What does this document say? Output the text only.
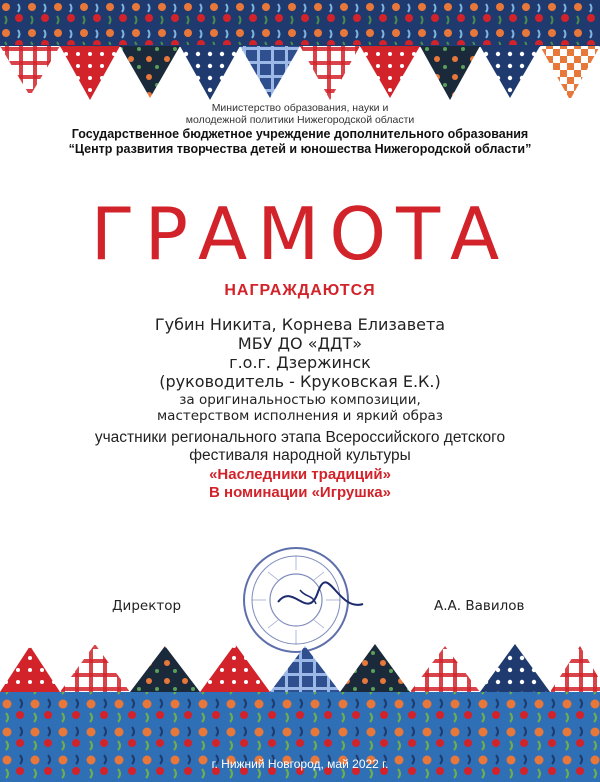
Министерство образования, науки и
молодежной политики Нижегородской области
Государственное бюджетное учреждение дополнительного образования
“Центр развития творчества детей и юношества Нижегородской области”
ГРАМОТА
НАГРАЖДАЮТСЯ
Губин Никита, Корнева Елизавета
МБУ ДО «ДДТ»
г.о.г. Дзержинск
(руководитель - Круковская Е.К.)
за оригинальностью композиции,
мастерством исполнения и яркий образ
участники регионального этапа Всероссийского детского
фестиваля народной культуры
«Наследники традиций»
В номинации «Игрушка»
Директор	А.А. Вавилов
г. Нижний Новгород, май 2022 г.
